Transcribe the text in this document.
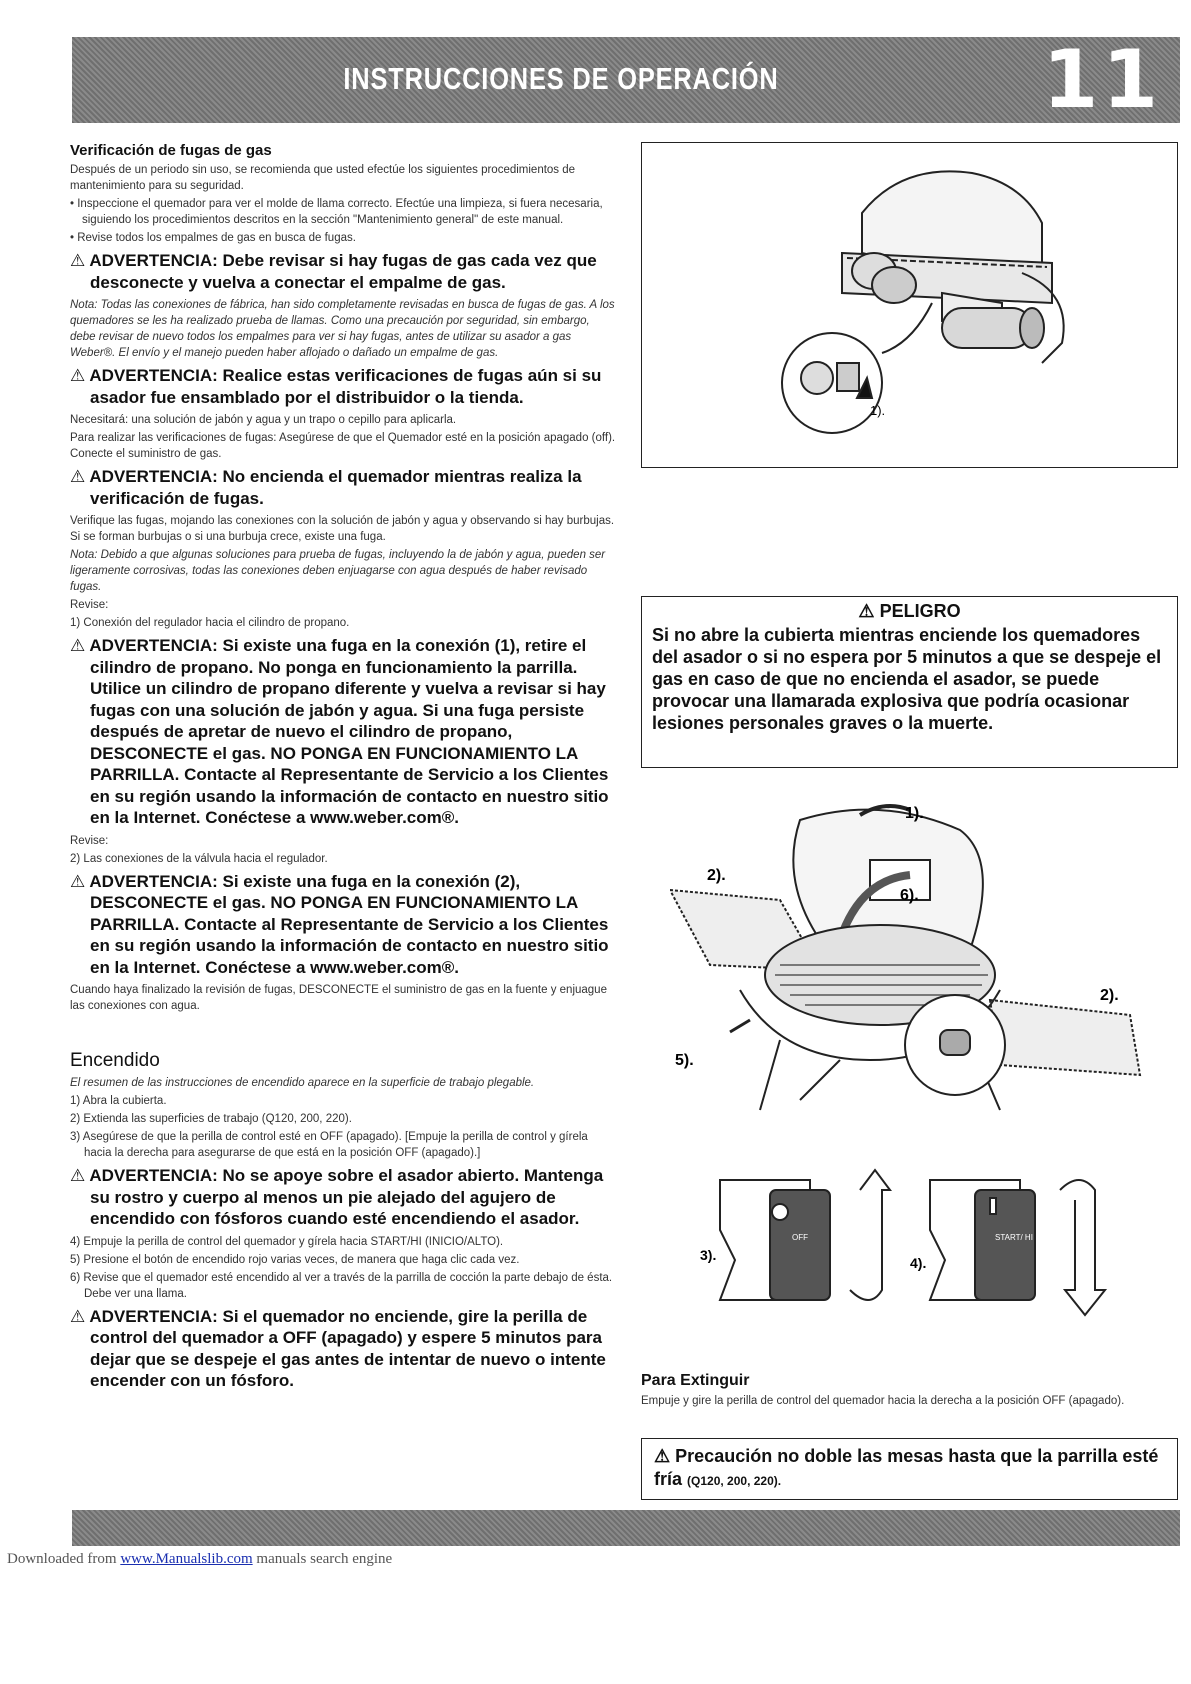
INSTRUCCIONES DE OPERACIÓN	11
Verificación de fugas de gas
Después de un periodo sin uso, se recomienda que usted efectúe los siguientes procedimientos de mantenimiento para su seguridad.
• Inspeccione el quemador para ver el molde de llama correcto. Efectúe una limpieza, si fuera necesaria, siguiendo los procedimientos descritos en la sección "Mantenimiento general" de este manual.
• Revise todos los empalmes de gas en busca de fugas.
⚠ ADVERTENCIA: Debe revisar si hay fugas de gas cada vez que desconecte y vuelva a conectar el empalme de gas.
Nota: Todas las conexiones de fábrica, han sido completamente revisadas en busca de fugas de gas. A los quemadores se les ha realizado prueba de llamas. Como una precaución por seguridad, sin embargo, debe revisar de nuevo todos los empalmes para ver si hay fugas, antes de utilizar su asador a gas Weber®. El envío y el manejo pueden haber aflojado o dañado un empalme de gas.
⚠ ADVERTENCIA: Realice estas verificaciones de fugas aún si su asador fue ensamblado por el distribuidor o la tienda.
Necesitará: una solución de jabón y agua y un trapo o cepillo para aplicarla.
Para realizar las verificaciones de fugas: Asegúrese de que el Quemador esté en la posición apagado (off). Conecte el suministro de gas.
⚠ ADVERTENCIA: No encienda el quemador mientras realiza la verificación de fugas.
Verifique las fugas, mojando las conexiones con la solución de jabón y agua y observando si hay burbujas. Si se forman burbujas o si una burbuja crece, existe una fuga.
Nota: Debido a que algunas soluciones para prueba de fugas, incluyendo la de jabón y agua, pueden ser ligeramente corrosivas, todas las conexiones deben enjuagarse con agua después de haber revisado fugas.
Revise:
1) Conexión del regulador hacia el cilindro de propano.
⚠ ADVERTENCIA: Si existe una fuga en la conexión (1), retire el cilindro de propano. No ponga en funcionamiento la parrilla. Utilice un cilindro de propano diferente y vuelva a revisar si hay fugas con una solución de jabón y agua. Si una fuga persiste después de apretar de nuevo el cilindro de propano, DESCONECTE el gas. NO PONGA EN FUNCIONAMIENTO LA PARRILLA. Contacte al Representante de Servicio a los Clientes en su región usando la información de contacto en nuestro sitio en la Internet. Conéctese a www.weber.com®.
Revise:
2) Las conexiones de la válvula hacia el regulador.
⚠ ADVERTENCIA: Si existe una fuga en la conexión (2), DESCONECTE el gas. NO PONGA EN FUNCIONAMIENTO LA PARRILLA. Contacte al Representante de Servicio a los Clientes en su región usando la información de contacto en nuestro sitio en la Internet. Conéctese a www.weber.com®.
Cuando haya finalizado la revisión de fugas, DESCONECTE el suministro de gas en la fuente y enjuague las conexiones con agua.
Encendido
El resumen de las instrucciones de encendido aparece en la superficie de trabajo plegable.
1) Abra la cubierta.
2) Extienda las superficies de trabajo (Q120, 200, 220).
3) Asegúrese de que la perilla de control esté en OFF (apagado). [Empuje la perilla de control y gírela hacia la derecha para asegurarse de que está en la posición OFF (apagado).]
⚠ ADVERTENCIA: No se apoye sobre el asador abierto. Mantenga su rostro y cuerpo al menos un pie alejado del agujero de encendido con fósforos cuando esté encendiendo el asador.
4) Empuje la perilla de control del quemador y gírela hacia START/HI (INICIO/ALTO).
5) Presione el botón de encendido rojo varias veces, de manera que haga clic cada vez.
6) Revise que el quemador esté encendido al ver a través de la parrilla de cocción la parte debajo de ésta. Debe ver una llama.
⚠ ADVERTENCIA: Si el quemador no enciende, gire la perilla de control del quemador a OFF (apagado) y espere 5 minutos para dejar que se despeje el gas antes de intentar de nuevo o intente encender con un fósforo.
1).
⚠ PELIGRO
Si no abre la cubierta mientras enciende los quemadores del asador o si no espera por 5 minutos a que se despeje el gas en caso de que no encienda el asador, se puede provocar una llamarada explosiva que podría ocasionar lesiones personales graves o la muerte.
1).
2).
2).
6).
5).
3).	4).
OFF	START/ HI
Para Extinguir
Empuje y gire la perilla de control del quemador hacia la derecha a la posición OFF (apagado).
⚠ Precaución no doble las mesas hasta que la parrilla esté fría (Q120, 200, 220).
Downloaded from www.Manualslib.com manuals search engine
